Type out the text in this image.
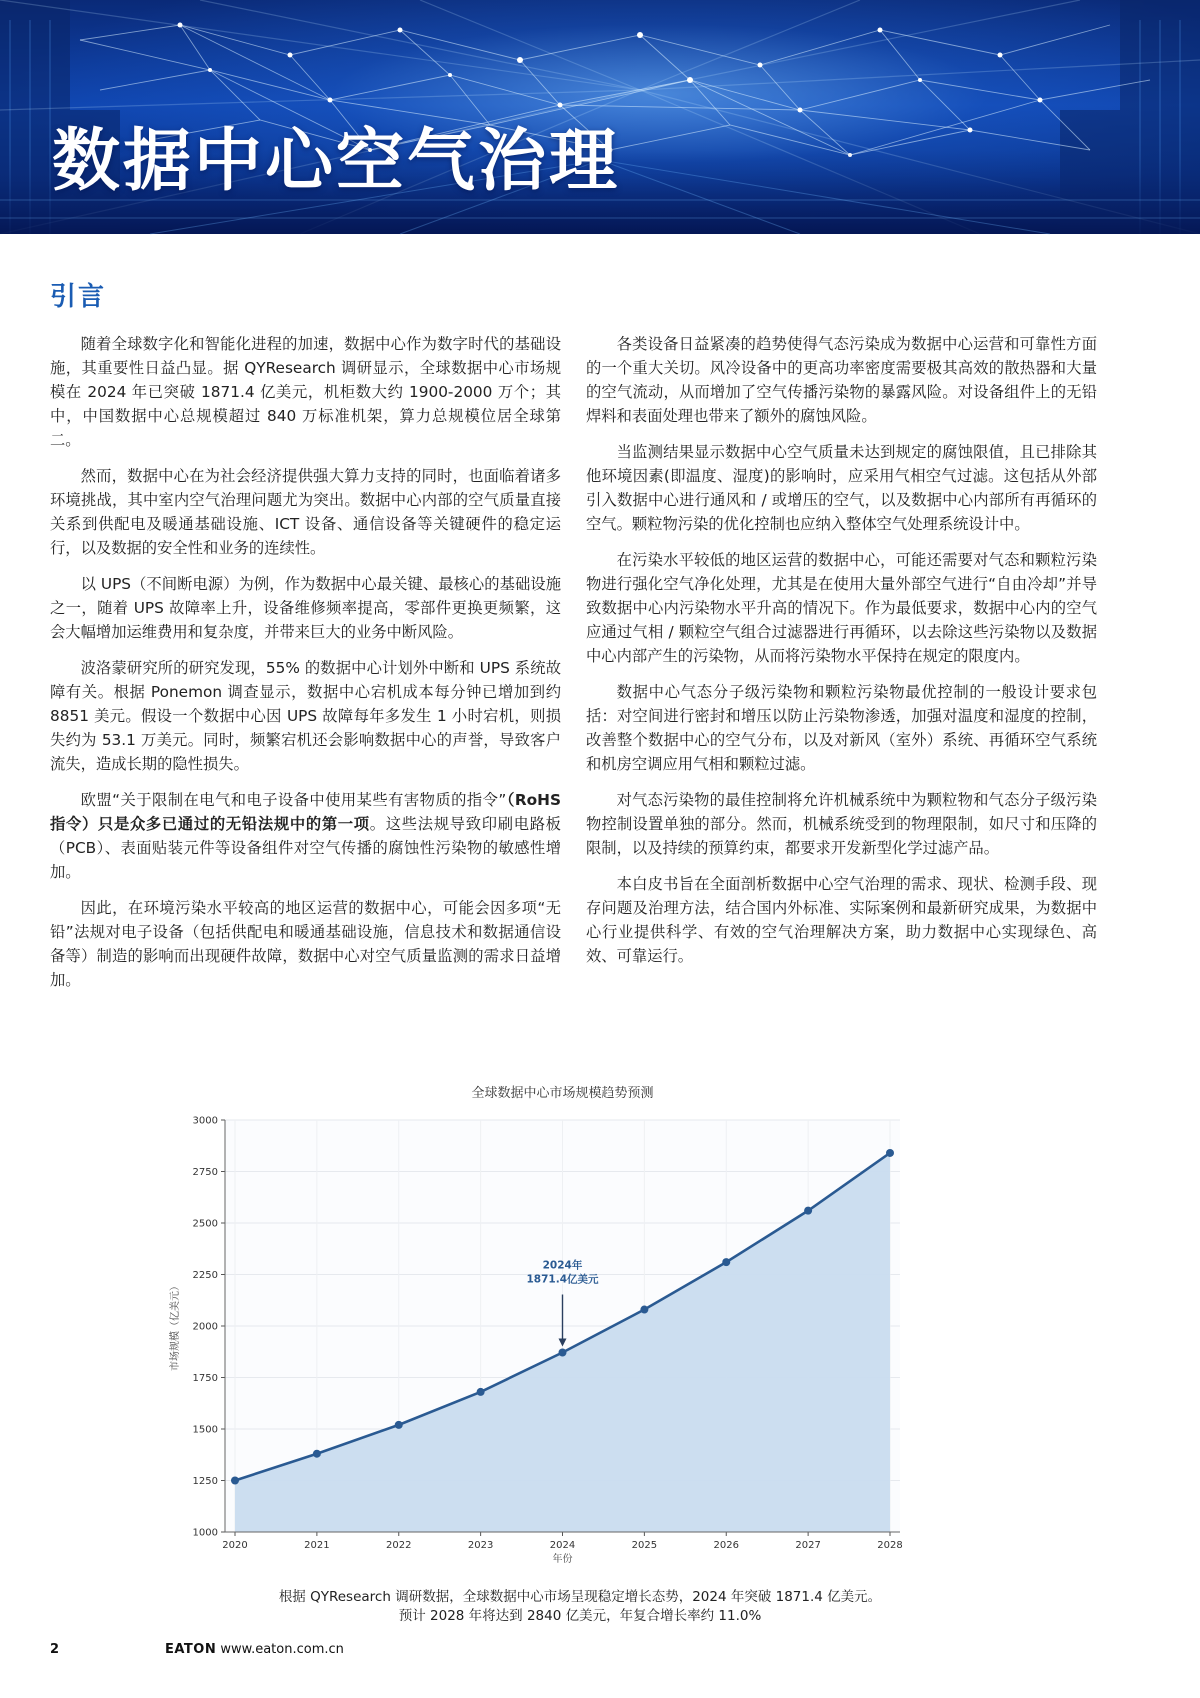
数据中心空气治理
引言

随着全球数字化和智能化进程的加速，数据中心作为数字时代的基础设施，其重要性日益凸显。据 QYResearch 调研显示，全球数据中心市场规模在 2024 年已突破 1871.4 亿美元，机柜数大约 1900-2000 万个；其中，中国数据中心总规模超过 840 万标准机架，算力总规模位居全球第二。

然而，数据中心在为社会经济提供强大算力支持的同时，也面临着诸多环境挑战，其中室内空气治理问题尤为突出。数据中心内部的空气质量直接关系到供配电及暖通基础设施、ICT 设备、通信设备等关键硬件的稳定运行，以及数据的安全性和业务的连续性。

以 UPS（不间断电源）为例，作为数据中心最关键、最核心的基础设施之一，随着 UPS 故障率上升，设备维修频率提高，零部件更换更频繁，这会大幅增加运维费用和复杂度，并带来巨大的业务中断风险。

波洛蒙研究所的研究发现，55% 的数据中心计划外中断和 UPS 系统故障有关。根据 Ponemon 调查显示，数据中心宕机成本每分钟已增加到约 8851 美元。假设一个数据中心因 UPS 故障每年多发生 1 小时宕机，则损失约为 53.1 万美元。同时，频繁宕机还会影响数据中心的声誉，导致客户流失，造成长期的隐性损失。

欧盟“关于限制在电气和电子设备中使用某些有害物质的指令”（RoHS 指令）只是众多已通过的无铅法规中的第一项。这些法规导致印刷电路板（PCB）、表面贴装元件等设备组件对空气传播的腐蚀性污染物的敏感性增加。

因此，在环境污染水平较高的地区运营的数据中心，可能会因多项“无铅”法规对电子设备（包括供配电和暖通基础设施，信息技术和数据通信设备等）制造的影响而出现硬件故障，数据中心对空气质量监测的需求日益增加。

各类设备日益紧凑的趋势使得气态污染成为数据中心运营和可靠性方面的一个重大关切。风冷设备中的更高功率密度需要极其高效的散热器和大量的空气流动，从而增加了空气传播污染物的暴露风险。对设备组件上的无铅焊料和表面处理也带来了额外的腐蚀风险。

当监测结果显示数据中心空气质量未达到规定的腐蚀限值，且已排除其他环境因素(即温度、湿度)的影响时，应采用气相空气过滤。这包括从外部引入数据中心进行通风和 / 或增压的空气，以及数据中心内部所有再循环的空气。颗粒物污染的优化控制也应纳入整体空气处理系统设计中。

在污染水平较低的地区运营的数据中心，可能还需要对气态和颗粒污染物进行强化空气净化处理，尤其是在使用大量外部空气进行“自由冷却”并导致数据中心内污染物水平升高的情况下。作为最低要求，数据中心内的空气应通过气相 / 颗粒空气组合过滤器进行再循环，以去除这些污染物以及数据中心内部产生的污染物，从而将污染物水平保持在规定的限度内。

数据中心气态分子级污染物和颗粒污染物最优控制的一般设计要求包括：对空间进行密封和增压以防止污染物渗透，加强对温度和湿度的控制，改善整个数据中心的空气分布，以及对新风（室外）系统、再循环空气系统和机房空调应用气相和颗粒过滤。

对气态污染物的最佳控制将允许机械系统中为颗粒物和气态分子级污染物控制设置单独的部分。然而，机械系统受到的物理限制，如尺寸和压降的限制，以及持续的预算约束，都要求开发新型化学过滤产品。

本白皮书旨在全面剖析数据中心空气治理的需求、现状、检测手段、现存问题及治理方法，结合国内外标准、实际案例和最新研究成果，为数据中心行业提供科学、有效的空气治理解决方案，助力数据中心实现绿色、高效、可靠运行。

1000
1250
1500
1750
2000
2250
2500
2750
3000
2020	2021	2022	2023	2024	2025	2026	2027	2028
2024年
1871.4亿美元
全球数据中心市场规模趋势预测
年份
市场规模（亿美元）
根据 QYResearch 调研数据，全球数据中心市场呈现稳定增长态势，2024 年突破 1871.4 亿美元。
预计 2028 年将达到 2840 亿美元，年复合增长率约 11.0%
2	EATON www.eaton.com.cn
